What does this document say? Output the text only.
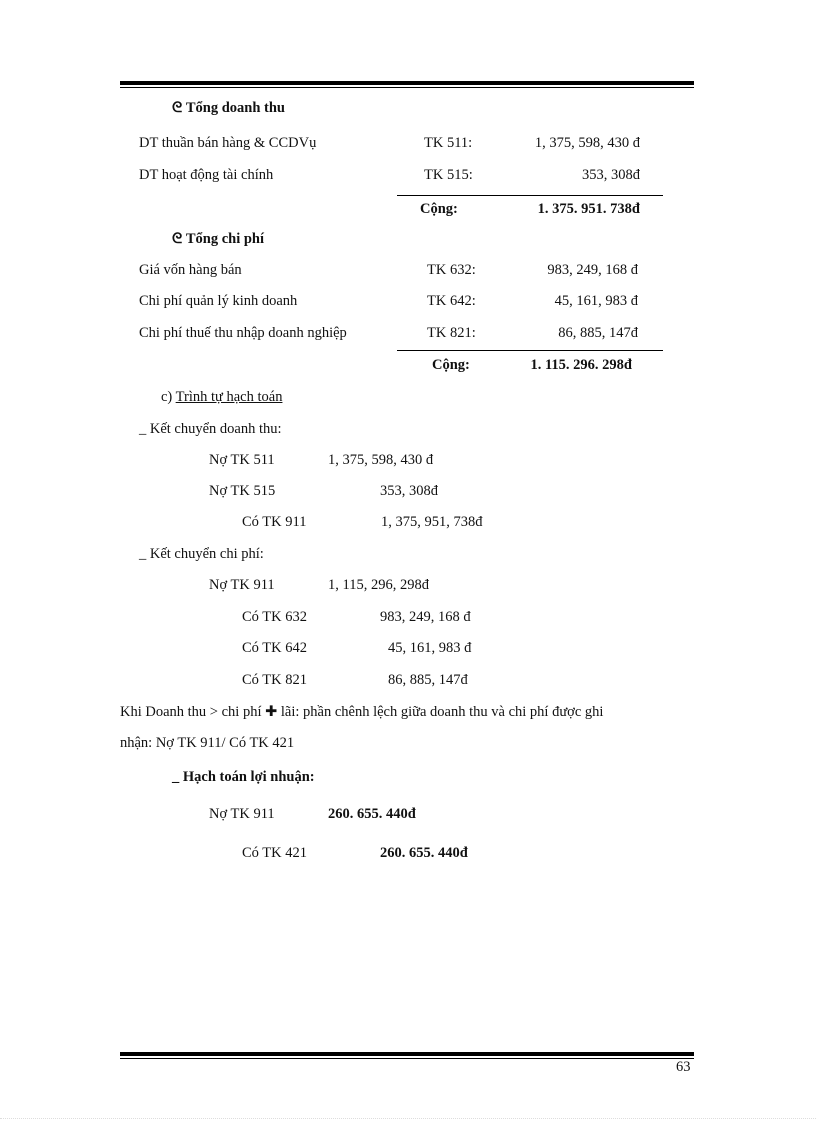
ᘓ Tổng doanh thu
DT thuần bán hàng & CCDVụ	TK 511:	1, 375, 598, 430 đ
DT hoạt động tài chính	TK 515:	353, 308đ
Cộng:	1. 375. 951. 738đ
ᘓ Tổng chi phí
Giá vốn hàng bán	TK 632:	983, 249, 168 đ
Chi phí quản lý kinh doanh	TK 642:	45, 161, 983 đ
Chi phí thuế thu nhập doanh nghiệp	TK 821:	86, 885, 147đ
Cộng:	1. 115. 296. 298đ
c) Trình tự hạch toán
_ Kết chuyển doanh thu:
Nợ TK 511	1, 375, 598, 430 đ
Nợ TK 515	353, 308đ
Có TK 911	1, 375, 951, 738đ
_ Kết chuyển chi phí:
Nợ TK 911	1, 115, 296, 298đ
Có TK 632	983, 249, 168 đ
Có TK 642	45, 161, 983 đ
Có TK 821	86, 885, 147đ
Khi Doanh thu > chi phí ✚ lãi: phần chênh lệch giữa doanh thu và chi phí được ghi
nhận: Nợ TK 911/ Có TK 421
_ Hạch toán lợi nhuận:
Nợ TK 911	260. 655. 440đ
Có TK 421	260. 655. 440đ
63
